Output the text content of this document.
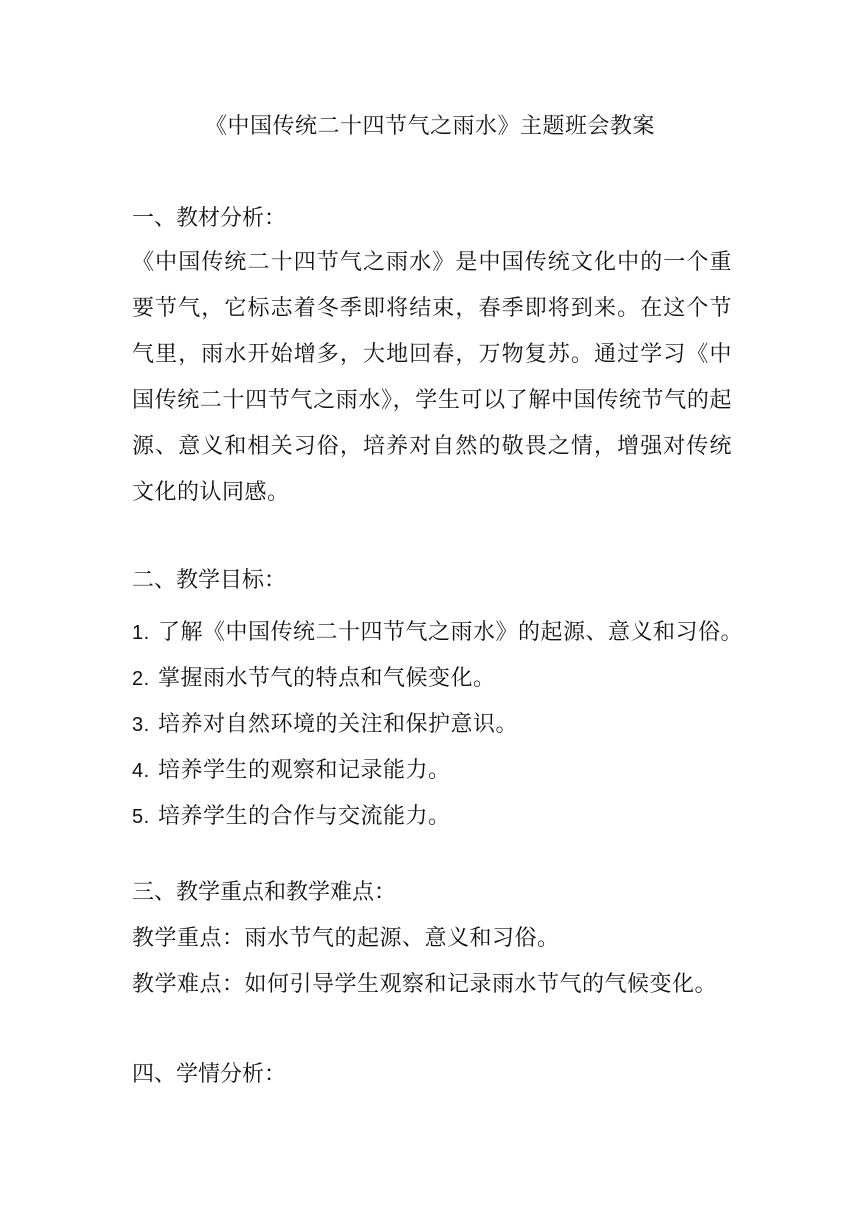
《中国传统二十四节气之雨水》主题班会教案
一、教材分析：
《中国传统二十四节气之雨水》是中国传统文化中的一个重要节气，它标志着冬季即将结束，春季即将到来。在这个节气里，雨水开始增多，大地回春，万物复苏。通过学习《中国传统二十四节气之雨水》，学生可以了解中国传统节气的起源、意义和相关习俗，培养对自然的敬畏之情，增强对传统文化的认同感。
二、教学目标：
1. 了解《中国传统二十四节气之雨水》的起源、意义和习俗。
2. 掌握雨水节气的特点和气候变化。
3. 培养对自然环境的关注和保护意识。
4. 培养学生的观察和记录能力。
5. 培养学生的合作与交流能力。
三、教学重点和教学难点：
教学重点：雨水节气的起源、意义和习俗。
教学难点：如何引导学生观察和记录雨水节气的气候变化。
四、学情分析：
